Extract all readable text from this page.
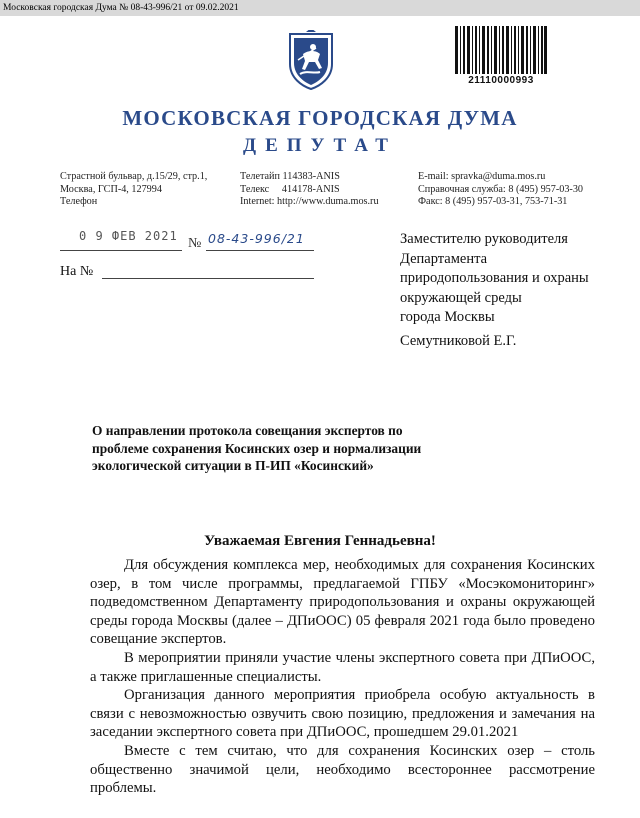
Московская городская Дума № 08-43-996/21 от 09.02.2021
21110000993
МОСКОВСКАЯ ГОРОДСКАЯ ДУМА
ДЕПУТАТ
Страстной бульвар, д.15/29, стр.1,
Москва, ГСП-4, 127994
Телефон
Телетайп 114383-ANIS
Телекс     414178-ANIS
Internet: http://www.duma.mos.ru
E-mail: spravka@duma.mos.ru
Справочная служба: 8 (495) 957-03-30
Факс: 8 (495) 957-03-31, 753-71-31
0 9 ФЕВ 2021 № 08-43-996/21
На №
Заместителю руководителя
Департамента
природопользования и охраны
окружающей среды
города Москвы
Семутниковой Е.Г.
О направлении протокола совещания экспертов по проблеме сохранения Косинских озер и нормализации экологической ситуации в П-ИП «Косинский»
Уважаемая Евгения Геннадьевна!

Для обсуждения комплекса мер, необходимых для сохранения Косинских озер, в том числе программы, предлагаемой ГПБУ «Мосэкомониторинг» подведомственном Департаменту природопользования и охраны окружающей среды города Москвы (далее – ДПиООС) 05 февраля 2021 года было проведено совещание экспертов.

В мероприятии приняли участие члены экспертного совета при ДПиООС, а также приглашенные специалисты.

Организация данного мероприятия приобрела особую актуальность в связи с невозможностью озвучить свою позицию, предложения и замечания на заседании экспертного совета при ДПиООС, прошедшем 29.01.2021

Вместе с тем считаю, что для сохранения Косинских озер – столь общественно значимой цели, необходимо всестороннее рассмотрение проблемы.
